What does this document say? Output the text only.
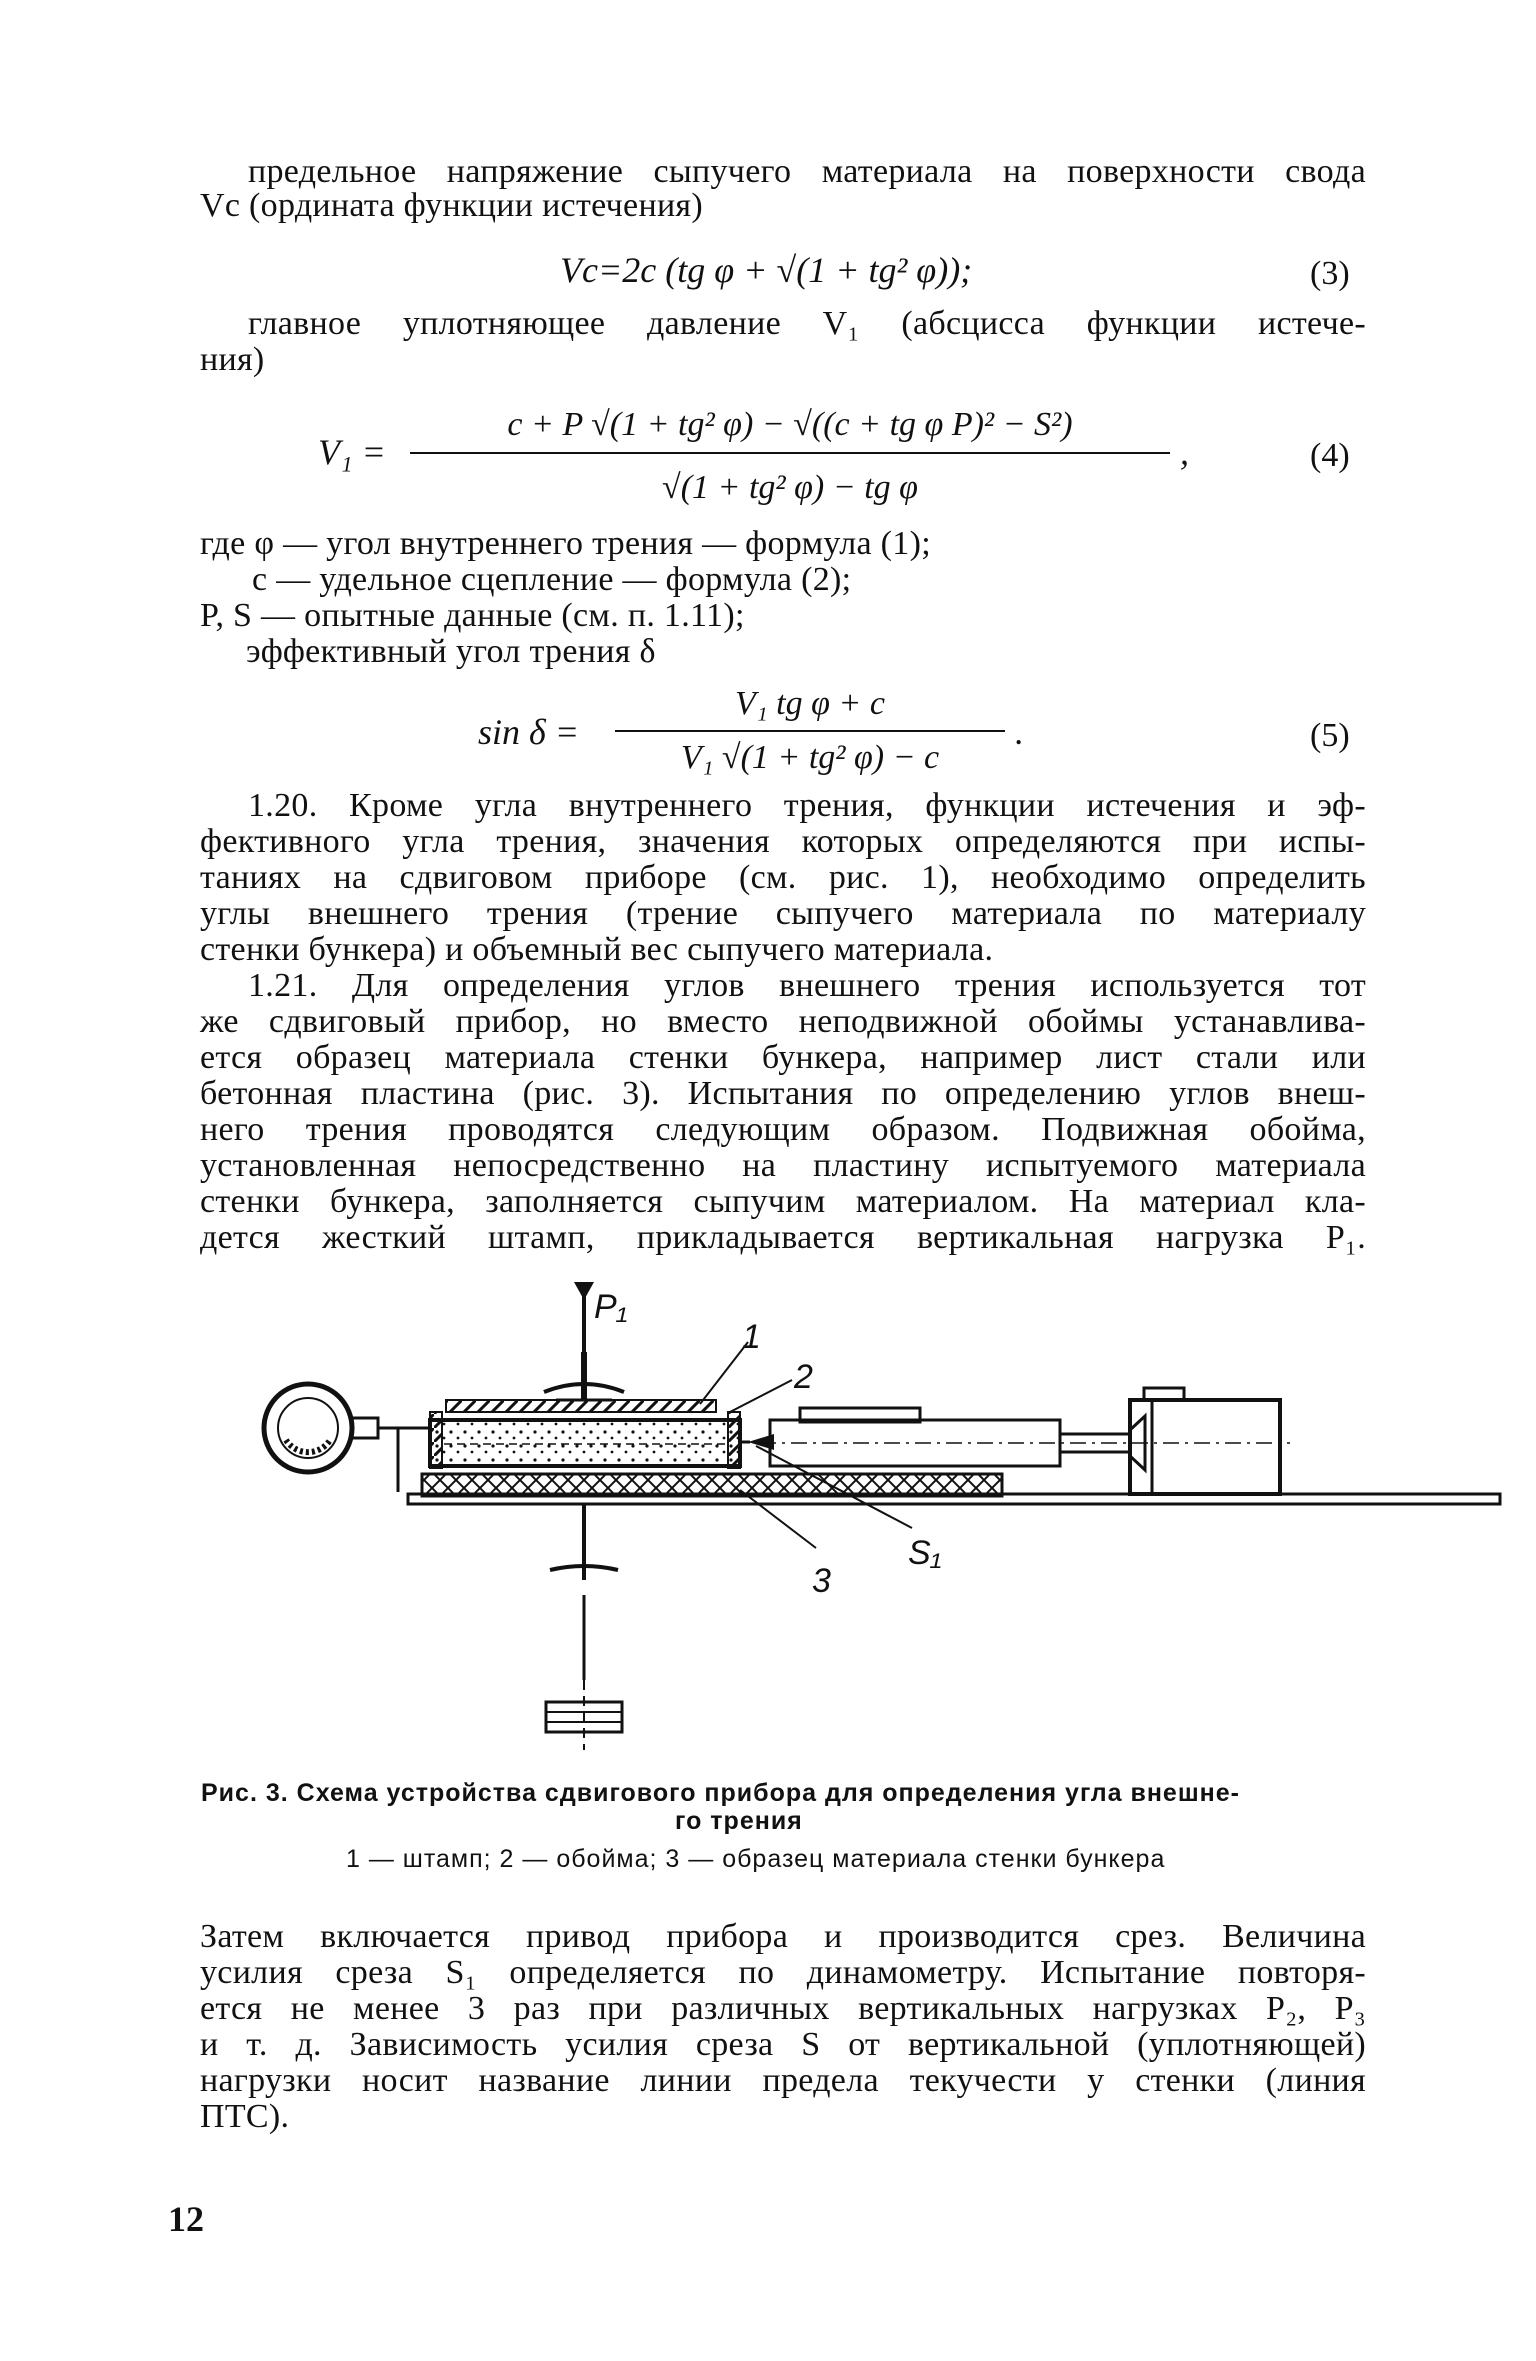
предельное напряжение сыпучего материала на поверхности свода
Vc (ордината функции истечения)
Vc=2c (tg φ + √(1 + tg² φ));	(3)
главное уплотняющее давление V₁ (абсцисса функции истече-
ния)
V₁ =
c + P √(1 + tg² φ) − √((c + tg φ P)² − S²)
√(1 + tg² φ) − tg φ
,	(4)
где φ — угол внутреннего трения — формула (1);
c — удельное сцепление — формула (2);
P, S — опытные данные (см. п. 1.11);
эффективный угол трения δ
sin δ =
V₁ tg φ + c
V₁ √(1 + tg² φ) − c
.	(5)
1.20. Кроме угла внутреннего трения, функции истечения и эф-
фективного угла трения, значения которых определяются при испы-
таниях на сдвиговом приборе (см. рис. 1), необходимо определить
углы внешнего трения (трение сыпучего материала по материалу
стенки бункера) и объемный вес сыпучего материала.
1.21. Для определения углов внешнего трения используется тот
же сдвиговый прибор, но вместо неподвижной обоймы устанавлива-
ется образец материала стенки бункера, например лист стали или
бетонная пластина (рис. 3). Испытания по определению углов внеш-
него трения проводятся следующим образом. Подвижная обойма,
установленная непосредственно на пластину испытуемого материала
стенки бункера, заполняется сыпучим материалом. На материал кла-
дется жесткий штамп, прикладывается вертикальная нагрузка P₁.
P₁
1
2
3
S₁
Рис. 3. Схема устройства сдвигового прибора для определения угла внешне-
го трения
1 — штамп; 2 — обойма; 3 — образец материала стенки бункера
Затем включается привод прибора и производится срез. Величина
усилия среза S₁ определяется по динамометру. Испытание повторя-
ется не менее 3 раз при различных вертикальных нагрузках P₂, P₃
и т. д. Зависимость усилия среза S от вертикальной (уплотняющей)
нагрузки носит название линии предела текучести у стенки (линия
ПТС).
12
